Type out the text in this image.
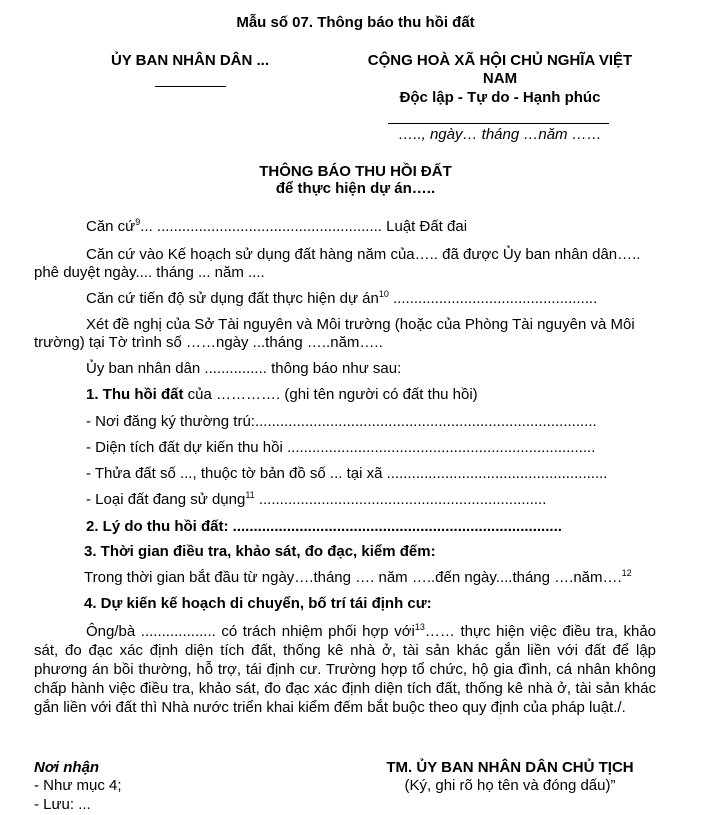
Mẫu số 07. Thông báo thu hồi đất
ỦY BAN NHÂN DÂN ...	CỘNG HOÀ XÃ HỘI CHỦ NGHĨA VIỆT
NAM
Độc lập - Tự do - Hạnh phúc
….., ngày… tháng …năm ……
THÔNG BÁO THU HỒI ĐẤT
để thực hiện dự án…..
Căn cứ$^9$... ...................................................... Luật Đất đai
Căn cứ vào Kế hoạch sử dụng đất hàng năm của….. đã được Ủy ban nhân dân…..
phê duyệt ngày.... tháng ... năm ....
Căn cứ tiến độ sử dụng đất thực hiện dự $án^{10}$ .................................................
Xét đề nghị của Sở Tài nguyên và Môi trường (hoặc của Phòng Tài nguyên và Môi
trường) tại Tờ trình số ……ngày ...tháng …..năm…..
Ủy ban nhân dân ............... thông báo như sau:
1. Thu hồi đất của …………. (ghi tên người có đất thu hồi)
- Nơi đăng ký thường trú:..................................................................................
- Diện tích đất dự kiến thu hồi ..........................................................................
- Thửa đất số ..., thuộc tờ bản đồ số ... tại xã .....................................................
- Loại đất đang sử dụng$^{11}$ .....................................................................
2. Lý do thu hồi đất: ...............................................................................
3. Thời gian điều tra, khảo sát, đo đạc, kiểm đếm:
Trong thời gian bắt đầu từ ngày….tháng …. năm …..đến ngày....tháng ….năm….$^{12}$
4. Dự kiến kế hoạch di chuyển, bố trí tái định cư:
Ông/bà .................. có trách nhiệm phối hợp với$^{13}$…… thực hiện việc điều tra, khảo sát, đo đạc xác định diện tích đất, thống kê nhà ở, tài sản khác gắn liền với đất để lập phương án bồi thường, hỗ trợ, tái định cư. Trường hợp tổ chức, hộ gia đình, cá nhân không chấp hành việc điều tra, khảo sát, đo đạc xác định diện tích đất, thống kê nhà ở, tài sản khác gắn liền với đất thì Nhà nước triển khai kiểm đếm bắt buộc theo quy định của pháp luật./.
Nơi nhận
- Như mục 4;
- Lưu: ...
TM. ỦY BAN NHÂN DÂN CHỦ TỊCH
(Ký, ghi rõ họ tên và đóng dấu)”
